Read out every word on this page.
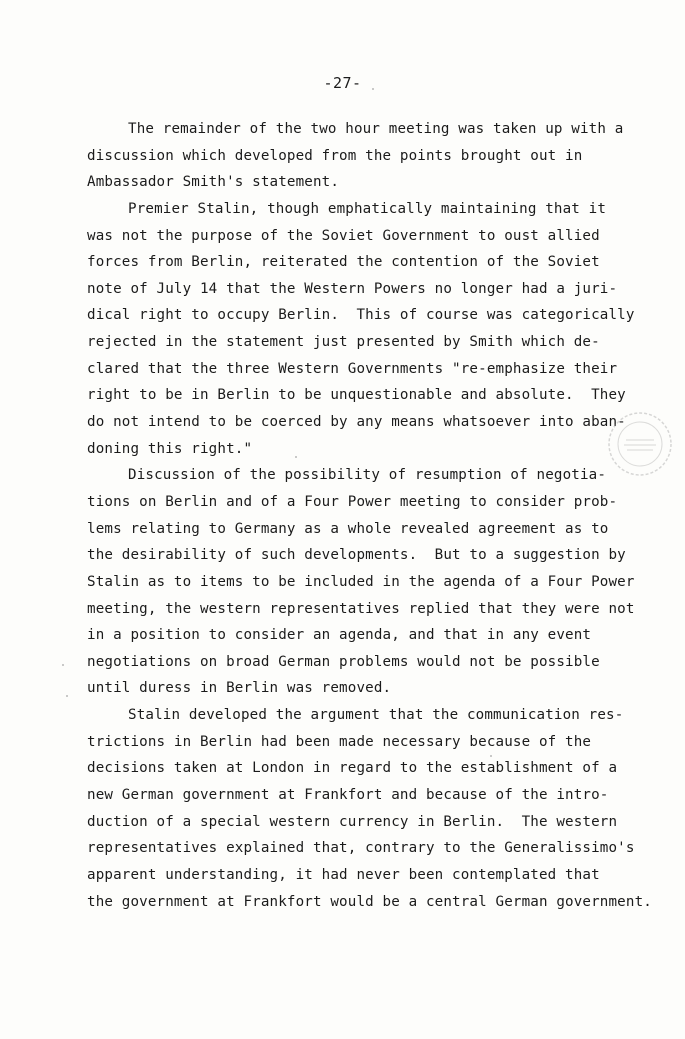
-27-
The remainder of the two hour meeting was taken up with a
discussion which developed from the points brought out in
Ambassador Smith's statement.
Premier Stalin, though emphatically maintaining that it
was not the purpose of the Soviet Government to oust allied
forces from Berlin, reiterated the contention of the Soviet
note of July 14 that the Western Powers no longer had a juri-
dical right to occupy Berlin.  This of course was categorically
rejected in the statement just presented by Smith which de-
clared that the three Western Governments "re-emphasize their
right to be in Berlin to be unquestionable and absolute.  They
do not intend to be coerced by any means whatsoever into aban-
doning this right."
Discussion of the possibility of resumption of negotia-
tions on Berlin and of a Four Power meeting to consider prob-
lems relating to Germany as a whole revealed agreement as to
the desirability of such developments.  But to a suggestion by
Stalin as to items to be included in the agenda of a Four Power
meeting, the western representatives replied that they were not
in a position to consider an agenda, and that in any event
negotiations on broad German problems would not be possible
until duress in Berlin was removed.
Stalin developed the argument that the communication res-
trictions in Berlin had been made necessary because of the
decisions taken at London in regard to the establishment of a
new German government at Frankfort and because of the intro-
duction of a special western currency in Berlin.  The western
representatives explained that, contrary to the Generalissimo's
apparent understanding, it had never been contemplated that
the government at Frankfort would be a central German government.
